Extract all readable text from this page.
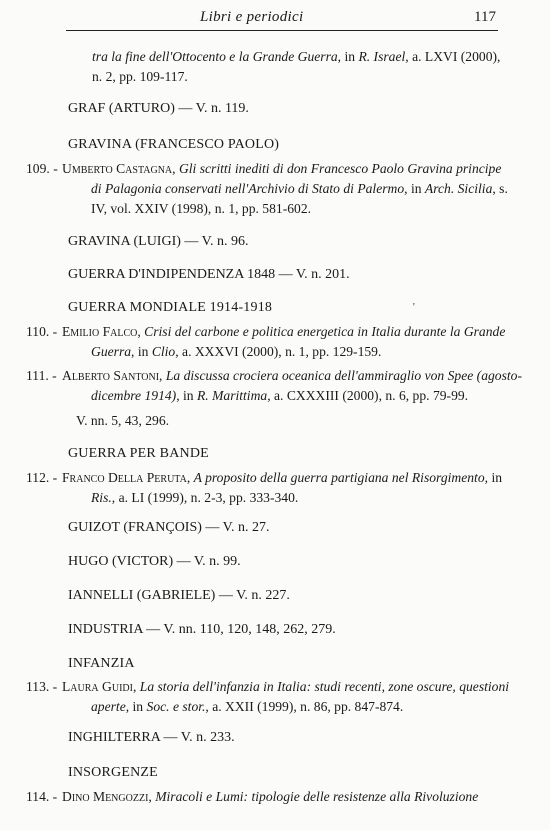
Libri e periodici	117
tra la fine dell'Ottocento e la Grande Guerra, in R. Israel, a. LXVI (2000),
n. 2, pp. 109-117.
GRAF (ARTURO) — V. n. 119.
GRAVINA (FRANCESCO PAOLO)
109. - Umberto Castagna, Gli scritti inediti di don Francesco Paolo Gravina principe
di Palagonia conservati nell'Archivio di Stato di Palermo, in Arch. Sicilia, s.
IV, vol. XXIV (1998), n. 1, pp. 581-602.
GRAVINA (LUIGI) — V. n. 96.
GUERRA D'INDIPENDENZA 1848 — V. n. 201.
GUERRA MONDIALE 1914-1918	'
110. - Emilio Falco, Crisi del carbone e politica energetica in Italia durante la Grande
Guerra, in Clio, a. XXXVI (2000), n. 1, pp. 129-159.
111. - Alberto Santoni, La discussa crociera oceanica dell'ammiraglio von Spee (agosto-
dicembre 1914), in R. Marittima, a. CXXXIII (2000), n. 6, pp. 79-99.
V. nn. 5, 43, 296.
GUERRA PER BANDE
112. - Franco Della Peruta, A proposito della guerra partigiana nel Risorgimento, in
Ris., a. LI (1999), n. 2-3, pp. 333-340.
GUIZOT (FRANÇOIS) — V. n. 27.
HUGO (VICTOR) — V. n. 99.
IANNELLI (GABRIELE) — V. n. 227.
INDUSTRIA — V. nn. 110, 120, 148, 262, 279.
INFANZIA
113. - Laura Guidi, La storia dell'infanzia in Italia: studi recenti, zone oscure, questioni
aperte, in Soc. e stor., a. XXII (1999), n. 86, pp. 847-874.
INGHILTERRA — V. n. 233.
INSORGENZE
114. - Dino Mengozzi, Miracoli e Lumi: tipologie delle resistenze alla Rivoluzione
